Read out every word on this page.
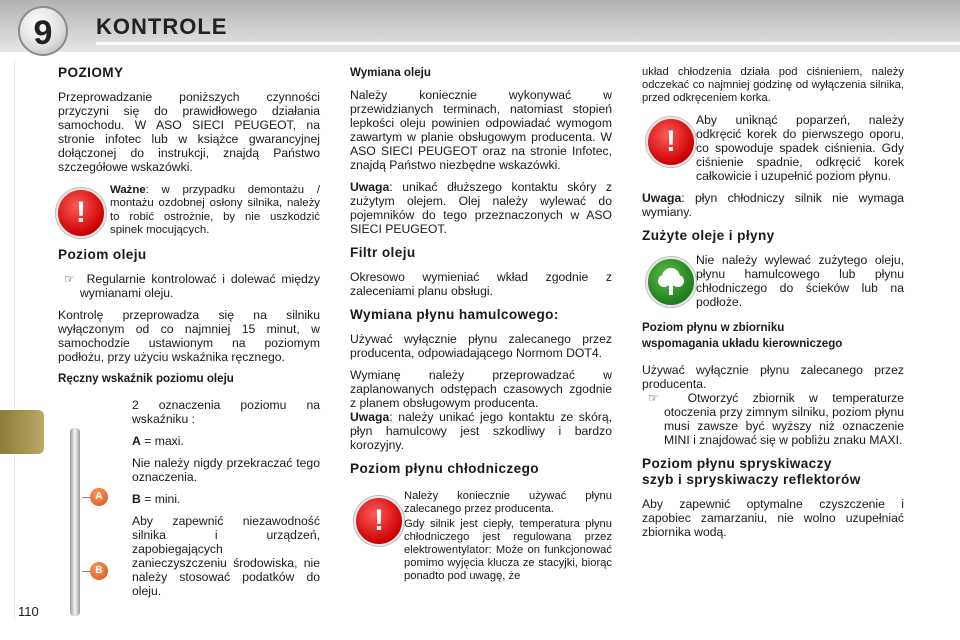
9	KONTROLE
POZIOMY

Przeprowadzanie poniższych czynności przyczyni się do prawidłowego działania samochodu. W ASO SIECI PEUGEOT, na stronie infotec lub w książce gwarancyjnej dołączonej do instrukcji, znajdą Państwo szczegółowe wskazówki.

!

Ważne: w przypadku demontażu / montażu ozdobnej osłony silnika, należy to robić ostrożnie, by nie uszkodzić spinek mocujących.

Poziom oleju

☞ Regularnie kontrolować i dolewać między wymianami oleju.

Kontrolę przeprowadza się na silniku wyłączonym od co najmniej 15 minut, w samochodzie ustawionym na poziomym podłożu, przy użyciu wskaźnika ręcznego.

Ręczny wskaźnik poziomu oleju

2 oznaczenia poziomu na wskaźniku :

A = maxi.

Nie należy nigdy przekraczać tego oznaczenia.

B = mini.

Aby zapewnić niezawodność silnika i urządzeń, zapobiegających zanieczyszczeniu środowiska, nie należy stosować podatków do oleju.

A
B
110
Wymiana oleju

Należy koniecznie wykonywać w przewidzianych terminach, natomiast stopień lepkości oleju powinien odpowiadać wymogom zawartym w planie obsługowym producenta. W ASO SIECI PEUGEOT oraz na stronie Infotec, znajdą Państwo niezbędne wskazówki.

Uwaga: unikać dłuższego kontaktu skóry z zużytym olejem. Olej należy wylewać do pojemników do tego przeznaczonych w ASO SIECI PEUGEOT.

Filtr oleju

Okresowo wymieniać wkład zgodnie z zaleceniami planu obsługi.

Wymiana płynu hamulcowego:

Używać wyłącznie płynu zalecanego przez producenta, odpowiadającego Normom DOT4.

Wymianę należy przeprowadzać w zaplanowanych odstępach czasowych zgodnie z planem obsługowym producenta.

Uwaga: należy unikać jego kontaktu ze skórą, płyn hamulcowy jest szkodliwy i bardzo korozyjny.

Poziom płynu chłodniczego
!

Należy koniecznie używać płynu zalecanego przez producenta.

Gdy silnik jest ciepły, temperatura płynu chłodniczego jest regulowana przez elektrowentylator: Może on funkcjonować pomimo wyjęcia klucza ze stacyjki, biorąc ponadto pod uwagę, że

układ chłodzenia działa pod ciśnieniem, należy odczekać co najmniej godzinę od wyłączenia silnika, przed odkręceniem korka.

!

Aby uniknąć poparzeń, należy odkręcić korek do pierwszego oporu, co spowoduje spadek ciśnienia. Gdy ciśnienie spadnie, odkręcić korek całkowicie i uzupełnić poziom płynu.

Uwaga: płyn chłodniczy silnik nie wymaga wymiany.

Zużyte oleje i płyny

Nie należy wylewać zużytego oleju, płynu hamulcowego lub płynu chłodniczego do ścieków lub na podłoże.

Poziom płynu w zbiorniku
wspomagania układu kierowniczego

Używać wyłącznie płynu zalecanego przez producenta.

☞ Otworzyć zbiornik w temperaturze otoczenia przy zimnym silniku, poziom płynu musi zawsze być wyższy niż oznaczenie MINI i znajdować się w pobliżu znaku MAXI.

Poziom płynu spryskiwaczy
szyb i spryskiwaczy reflektorów

Aby zapewnić optymalne czyszczenie i zapobiec zamarzaniu, nie wolno uzupełniać zbiornika wodą.
